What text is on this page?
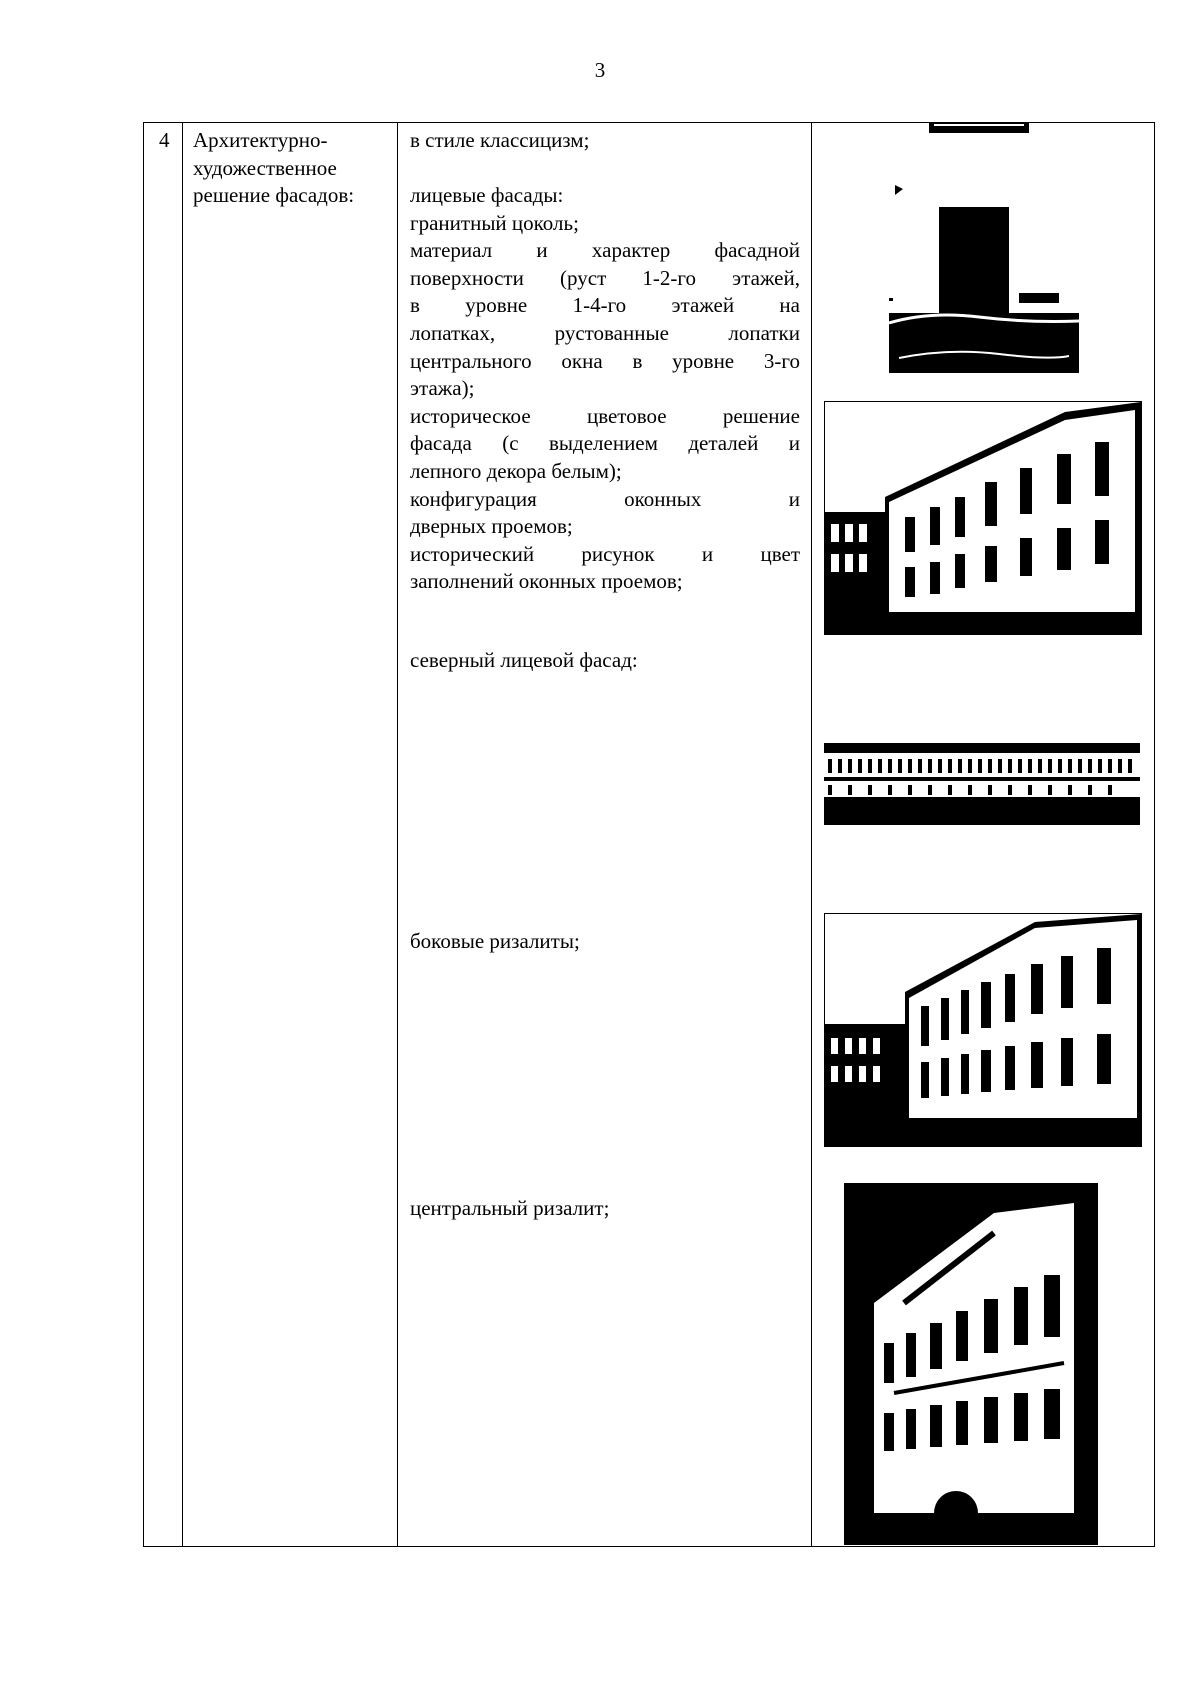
3
4 Архитектурно-
художественное
решение фасадов:
в стиле классицизм;
лицевые фасады:
гранитный цоколь;
материал и характер фасадной
поверхности (руст 1-2-го этажей,
в уровне 1-4-го этажей на
лопатках, рустованные лопатки
центрального окна в уровне 3-го
этажа);
историческое цветовое решение
фасада (с выделением деталей и
лепного декора белым);
конфигурация оконных и
дверных проемов;
исторический рисунок и цвет
заполнений оконных проемов;
северный лицевой фасад:
боковые ризалиты;
центральный ризалит;
